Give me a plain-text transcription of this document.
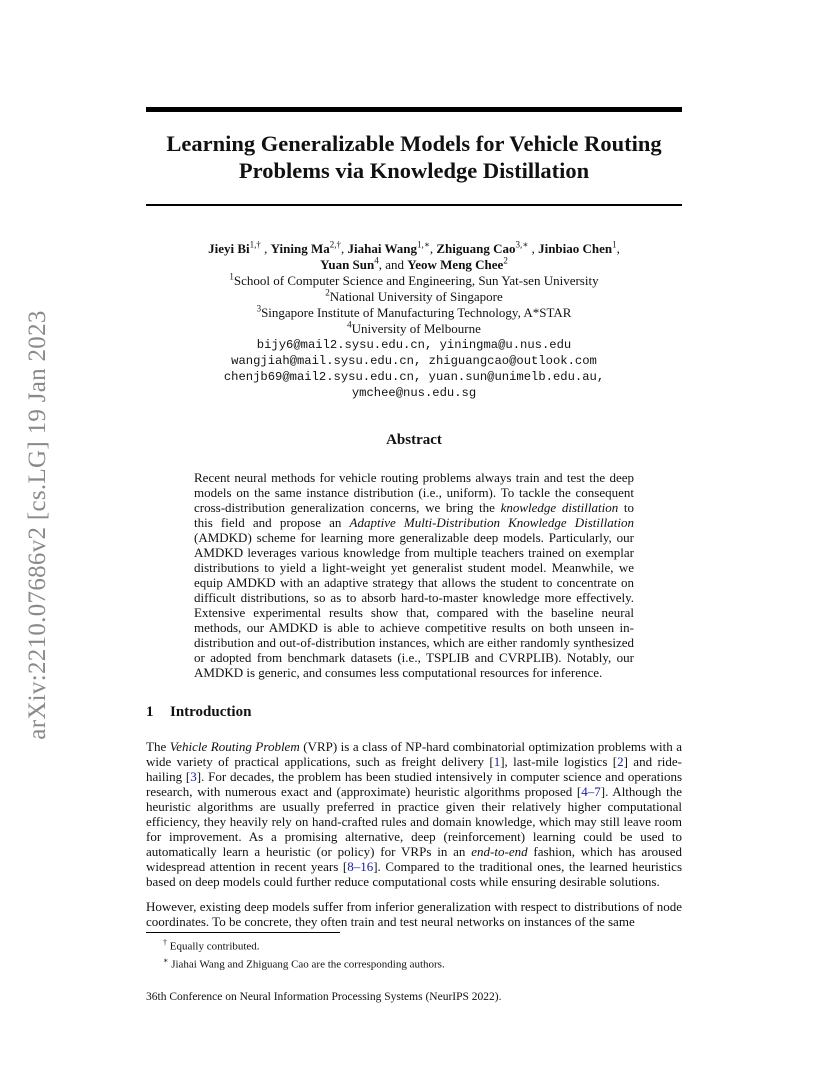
arXiv:2210.07686v2 [cs.LG] 19 Jan 2023
Learning Generalizable Models for Vehicle Routing
Problems via Knowledge Distillation
Jieyi $Bi^{1,\dagger}$ , Yining $Ma^{2,\dagger}$, Jiahai Wang$^{1,∗}$, Zhiguang Cao$^{3,∗}$ , Jinbiao Chen$^1$,
Yuan Sun$^4$, and Yeow Meng Chee$^2$
$^1$School of Computer Science and Engineering, Sun Yat-sen University
$^2$National University of Singapore
$^3$Singapore Institute of Manufacturing Technology, A*STAR
$^4$University of Melbourne
bijy6@mail2.sysu.edu.cn, yiningma@u.nus.edu
wangjiah@mail.sysu.edu.cn, zhiguangcao@outlook.com
chenjb69@mail2.sysu.edu.cn, yuan.sun@unimelb.edu.au,
ymchee@nus.edu.sg
Abstract

Recent neural methods for vehicle routing problems always train and test the deep models on the same instance distribution (i.e., uniform). To tackle the consequent cross-distribution generalization concerns, we bring the knowledge distillation to this field and propose an Adaptive Multi-Distribution Knowledge Distillation (AMDKD) scheme for learning more generalizable deep models. Particularly, our AMDKD leverages various knowledge from multiple teachers trained on exemplar distributions to yield a light-weight yet generalist student model. Meanwhile, we equip AMDKD with an adaptive strategy that allows the student to concentrate on difficult distributions, so as to absorb hard-to-master knowledge more effectively. Extensive experimental results show that, compared with the baseline neural methods, our AMDKD is able to achieve competitive results on both unseen in-distribution and out-of-distribution instances, which are either randomly synthesized or adopted from benchmark datasets (i.e., TSPLIB and CVRPLIB). Notably, our AMDKD is generic, and consumes less computational resources for inference.

1 Introduction

The Vehicle Routing Problem (VRP) is a class of NP-hard combinatorial optimization problems with a wide variety of practical applications, such as freight delivery [1], last-mile logistics [2] and ride-hailing [3]. For decades, the problem has been studied intensively in computer science and operations research, with numerous exact and (approximate) heuristic algorithms proposed [4–7]. Although the heuristic algorithms are usually preferred in practice given their relatively higher computational efficiency, they heavily rely on hand-crafted rules and domain knowledge, which may still leave room for improvement. As a promising alternative, deep (reinforcement) learning could be used to automatically learn a heuristic (or policy) for VRPs in an end-to-end fashion, which has aroused widespread attention in recent years [8–16]. Compared to the traditional ones, the learned heuristics based on deep models could further reduce computational costs while ensuring desirable solutions.

However, existing deep models suffer from inferior generalization with respect to distributions of node coordinates. To be concrete, they often train and test neural networks on instances of the same

† Equally contributed.
∗ Jiahai Wang and Zhiguang Cao are the corresponding authors.
36th Conference on Neural Information Processing Systems (NeurIPS 2022).
